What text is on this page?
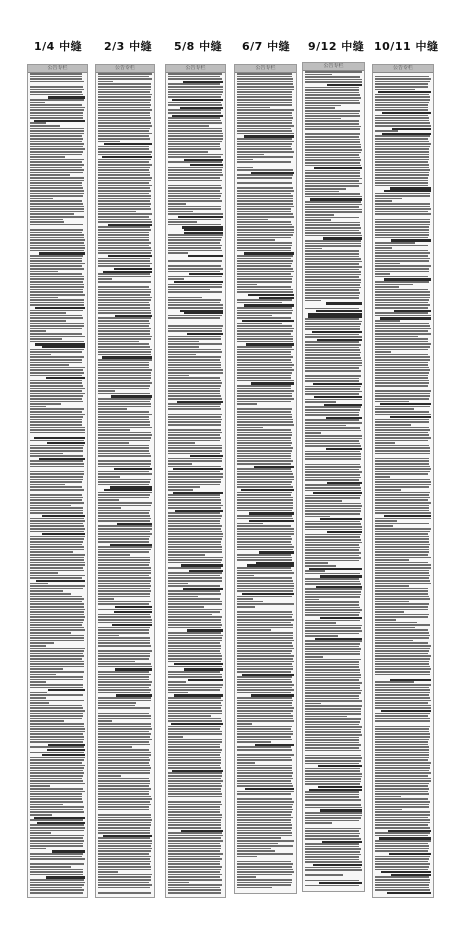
1/4 中缝 2/3 中缝 5/8 中缝 6/7 中缝 9/12 中缝 10/11 中缝
公告专栏	公告专栏	公告专栏	公告专栏	公告专栏	公告专栏
